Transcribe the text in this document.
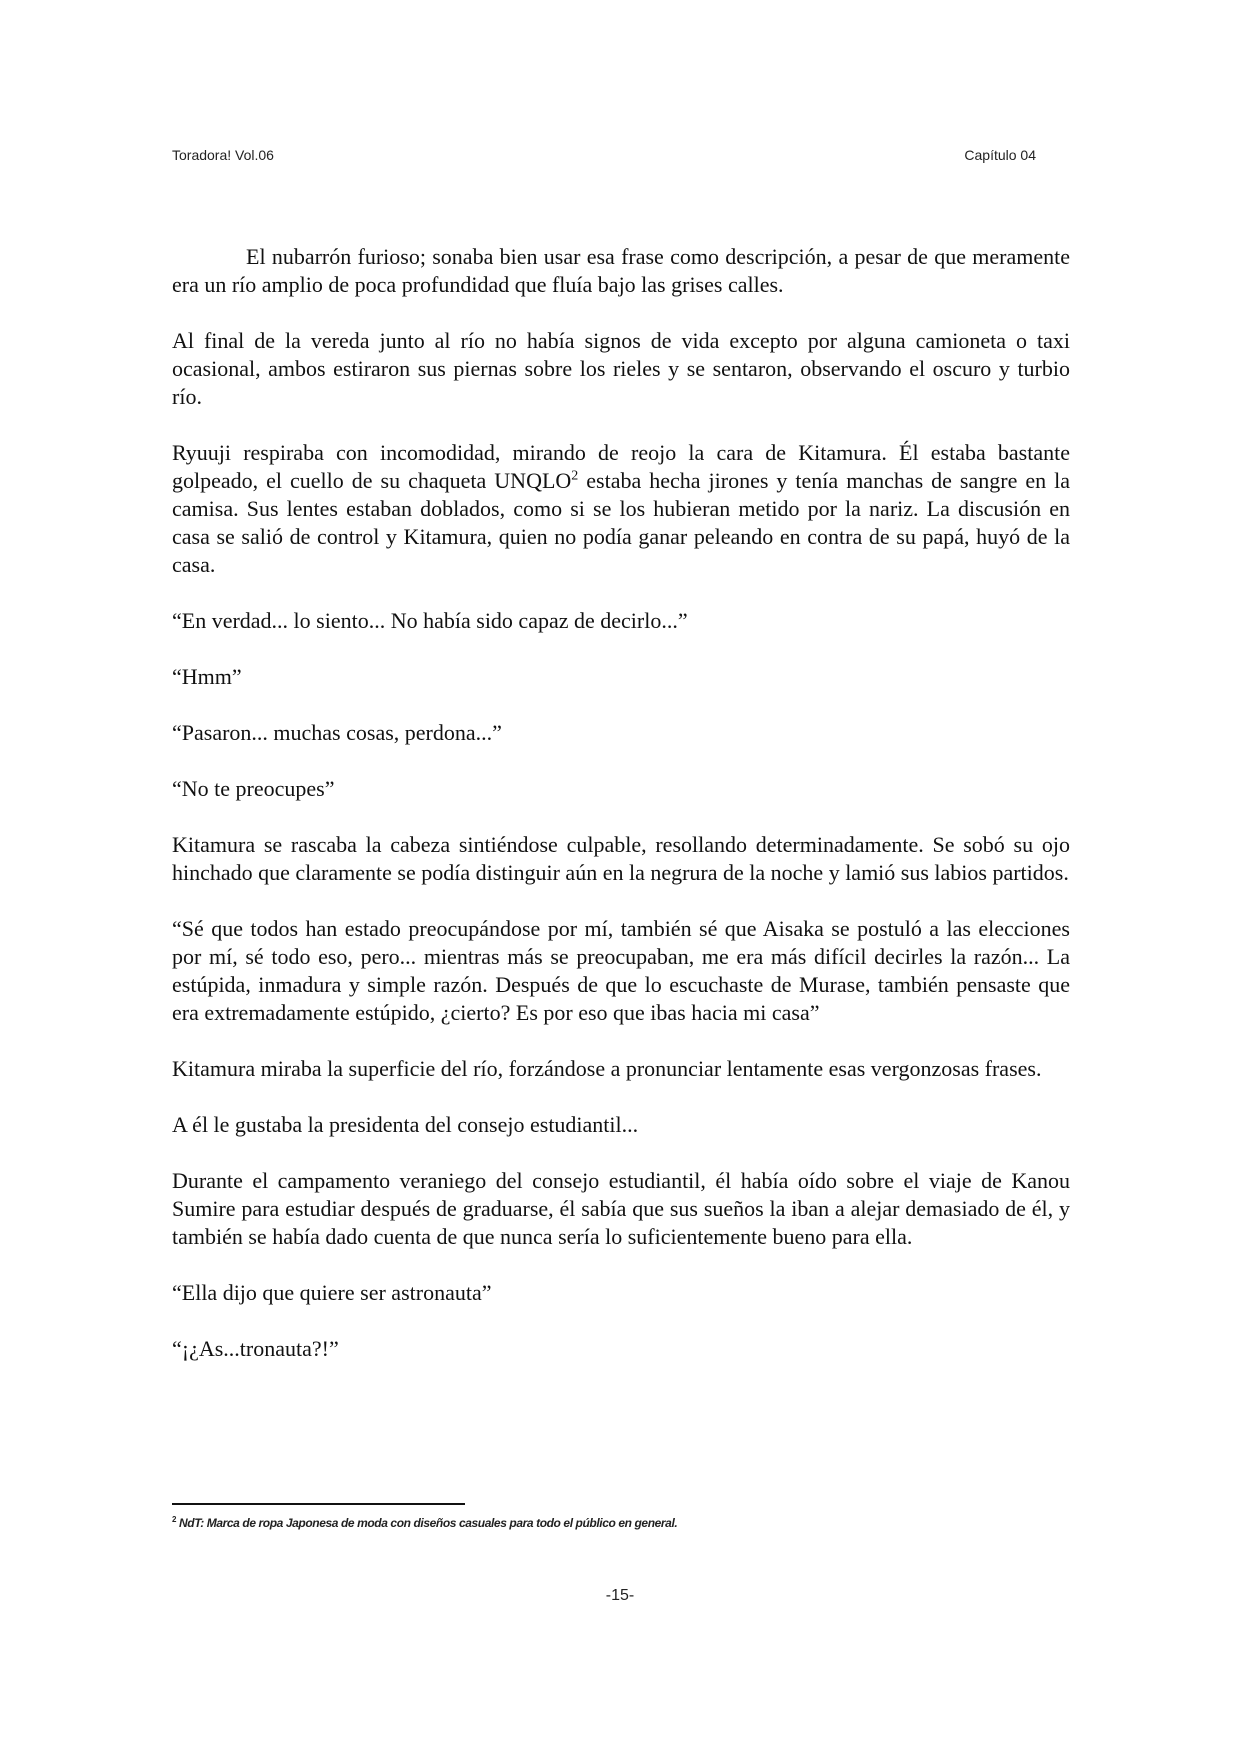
Toradora! Vol.06	Capítulo 04

El nubarrón furioso; sonaba bien usar esa frase como descripción, a pesar de que meramente era un río amplio de poca profundidad que fluía bajo las grises calles.

Al final de la vereda junto al río no había signos de vida excepto por alguna camioneta o taxi ocasional, ambos estiraron sus piernas sobre los rieles y se sentaron, observando el oscuro y turbio río.

Ryuuji respiraba con incomodidad, mirando de reojo la cara de Kitamura. Él estaba bastante golpeado, el cuello de su chaqueta UNQLO$^2$ estaba hecha jirones y tenía manchas de sangre en la camisa. Sus lentes estaban doblados, como si se los hubieran metido por la nariz. La discusión en casa se salió de control y Kitamura, quien no podía ganar peleando en contra de su papá, huyó de la casa.

“En verdad... lo siento... No había sido capaz de decirlo...”

“Hmm”

“Pasaron... muchas cosas, perdona...”

“No te preocupes”

Kitamura se rascaba la cabeza sintiéndose culpable, resollando determinadamente. Se sobó su ojo hinchado que claramente se podía distinguir aún en la negrura de la noche y lamió sus labios partidos.

“Sé que todos han estado preocupándose por mí, también sé que Aisaka se postuló a las elecciones por mí, sé todo eso, pero... mientras más se preocupaban, me era más difícil decirles la razón... La estúpida, inmadura y simple razón. Después de que lo escuchaste de Murase, también pensaste que era extremadamente estúpido, ¿cierto? Es por eso que ibas hacia mi casa”

Kitamura miraba la superficie del río, forzándose a pronunciar lentamente esas vergonzosas frases.

A él le gustaba la presidenta del consejo estudiantil...

Durante el campamento veraniego del consejo estudiantil, él había oído sobre el viaje de Kanou Sumire para estudiar después de graduarse, él sabía que sus sueños la iban a alejar demasiado de él, y también se había dado cuenta de que nunca sería lo suficientemente bueno para ella.

“Ella dijo que quiere ser astronauta”

“¡¿As...tronauta?!”

$^2$ NdT: Marca de ropa Japonesa de moda con diseños casuales para todo el público en general.
-15-
